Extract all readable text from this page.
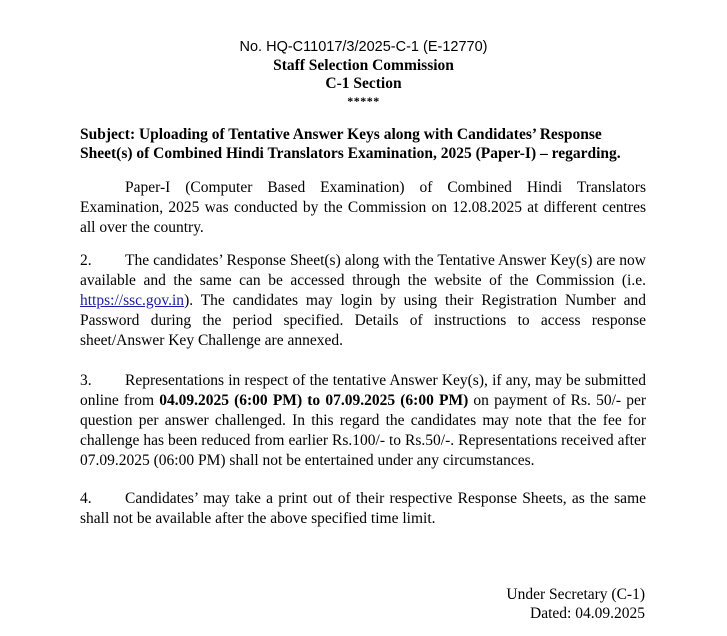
No. HQ-C11017/3/2025-C-1 (E-12770)
Staff Selection Commission
C-1 Section
*****
Subject: Uploading of Tentative Answer Keys along with Candidates’ Response Sheet(s) of Combined Hindi Translators Examination, 2025 (Paper-I) – regarding.
Paper-I (Computer Based Examination) of Combined Hindi Translators Examination, 2025 was conducted by the Commission on 12.08.2025 at different centres all over the country.
2. The candidates’ Response Sheet(s) along with the Tentative Answer Key(s) are now available and the same can be accessed through the website of the Commission (i.e. https://ssc.gov.in). The candidates may login by using their Registration Number and Password during the period specified. Details of instructions to access response sheet/Answer Key Challenge are annexed.
3. Representations in respect of the tentative Answer Key(s), if any, may be submitted online from 04.09.2025 (6:00 PM) to 07.09.2025 (6:00 PM) on payment of Rs. 50/- per question per answer challenged. In this regard the candidates may note that the fee for challenge has been reduced from earlier Rs.100/- to Rs.50/-. Representations received after 07.09.2025 (06:00 PM) shall not be entertained under any circumstances.
4. Candidates’ may take a print out of their respective Response Sheets, as the same shall not be available after the above specified time limit.
Under Secretary (C-1)
Dated: 04.09.2025
